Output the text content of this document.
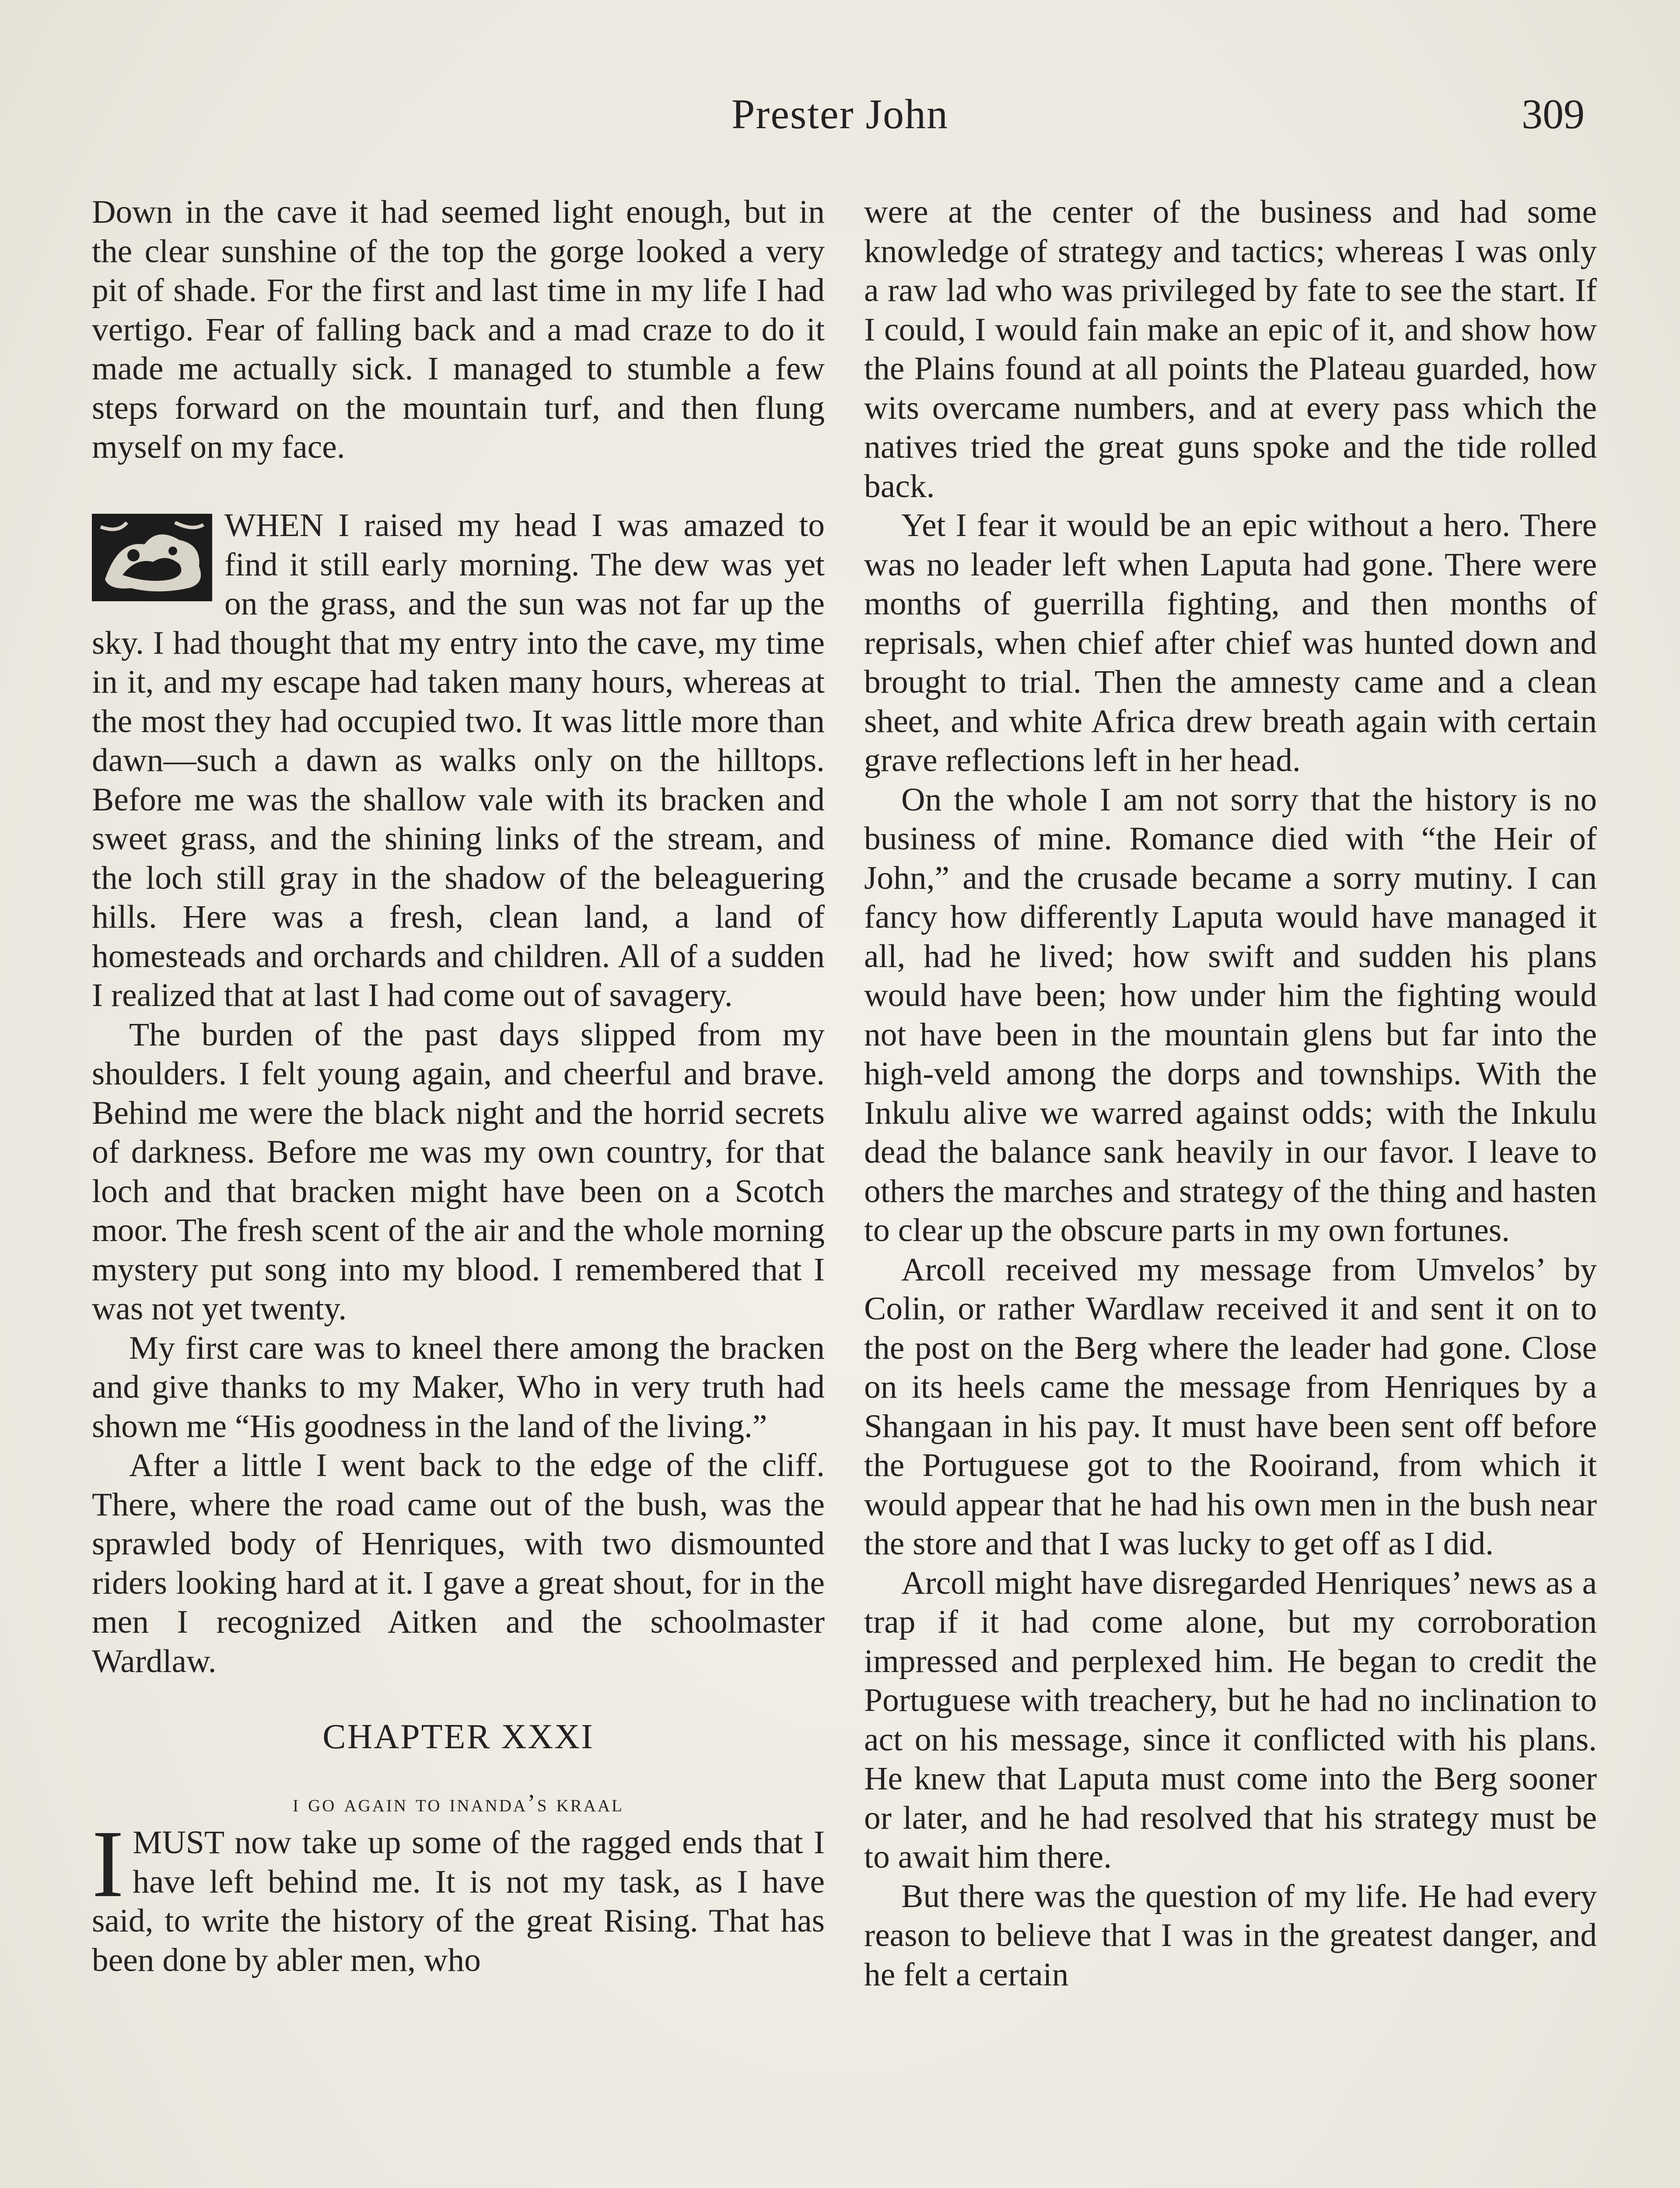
Prester John	309

Down in the cave it had seemed light enough, but in the clear sunshine of the top the gorge looked a very pit of shade. For the first and last time in my life I had vertigo. Fear of falling back and a mad craze to do it made me actually sick. I managed to stumble a few steps forward on the mountain turf, and then flung myself on my face.

WHEN I raised my head I was amazed to find it still early morning. The dew was yet on the grass, and the sun was not far up the sky. I had thought that my entry into the cave, my time in it, and my escape had taken many hours, whereas at the most they had occupied two. It was little more than dawn—such a dawn as walks only on the hilltops. Before me was the shallow vale with its bracken and sweet grass, and the shining links of the stream, and the loch still gray in the shadow of the beleaguering hills. Here was a fresh, clean land, a land of homesteads and orchards and children. All of a sudden I realized that at last I had come out of savagery.

The burden of the past days slipped from my shoulders. I felt young again, and cheerful and brave. Behind me were the black night and the horrid secrets of darkness. Before me was my own country, for that loch and that bracken might have been on a Scotch moor. The fresh scent of the air and the whole morning mystery put song into my blood. I remembered that I was not yet twenty.

My first care was to kneel there among the bracken and give thanks to my Maker, Who in very truth had shown me “His goodness in the land of the living.”

After a little I went back to the edge of the cliff. There, where the road came out of the bush, was the sprawled body of Henriques, with two dismounted riders looking hard at it. I gave a great shout, for in the men I recognized Aitken and the schoolmaster Wardlaw.

CHAPTER XXXI
i go again to inanda’s kraal

I MUST now take up some of the ragged ends that I have left behind me. It is not my task, as I have said, to write the history of the great Rising. That has been done by abler men, who

were at the center of the business and had some knowledge of strategy and tactics; whereas I was only a raw lad who was privileged by fate to see the start. If I could, I would fain make an epic of it, and show how the Plains found at all points the Plateau guarded, how wits overcame numbers, and at every pass which the natives tried the great guns spoke and the tide rolled back.

Yet I fear it would be an epic without a hero. There was no leader left when Laputa had gone. There were months of guerrilla fighting, and then months of reprisals, when chief after chief was hunted down and brought to trial. Then the amnesty came and a clean sheet, and white Africa drew breath again with certain grave reflections left in her head.

On the whole I am not sorry that the history is no business of mine. Romance died with “the Heir of John,” and the crusade became a sorry mutiny. I can fancy how differently Laputa would have managed it all, had he lived; how swift and sudden his plans would have been; how under him the fighting would not have been in the mountain glens but far into the high-veld among the dorps and townships. With the Inkulu alive we warred against odds; with the Inkulu dead the balance sank heavily in our favor. I leave to others the marches and strategy of the thing and hasten to clear up the obscure parts in my own fortunes.

Arcoll received my message from Umvelos’ by Colin, or rather Wardlaw received it and sent it on to the post on the Berg where the leader had gone. Close on its heels came the message from Henriques by a Shangaan in his pay. It must have been sent off before the Portuguese got to the Rooirand, from which it would appear that he had his own men in the bush near the store and that I was lucky to get off as I did.

Arcoll might have disregarded Henriques’ news as a trap if it had come alone, but my corroboration impressed and perplexed him. He began to credit the Portuguese with treachery, but he had no inclination to act on his message, since it conflicted with his plans. He knew that Laputa must come into the Berg sooner or later, and he had resolved that his strategy must be to await him there.

But there was the question of my life. He had every reason to believe that I was in the greatest danger, and he felt a certain
